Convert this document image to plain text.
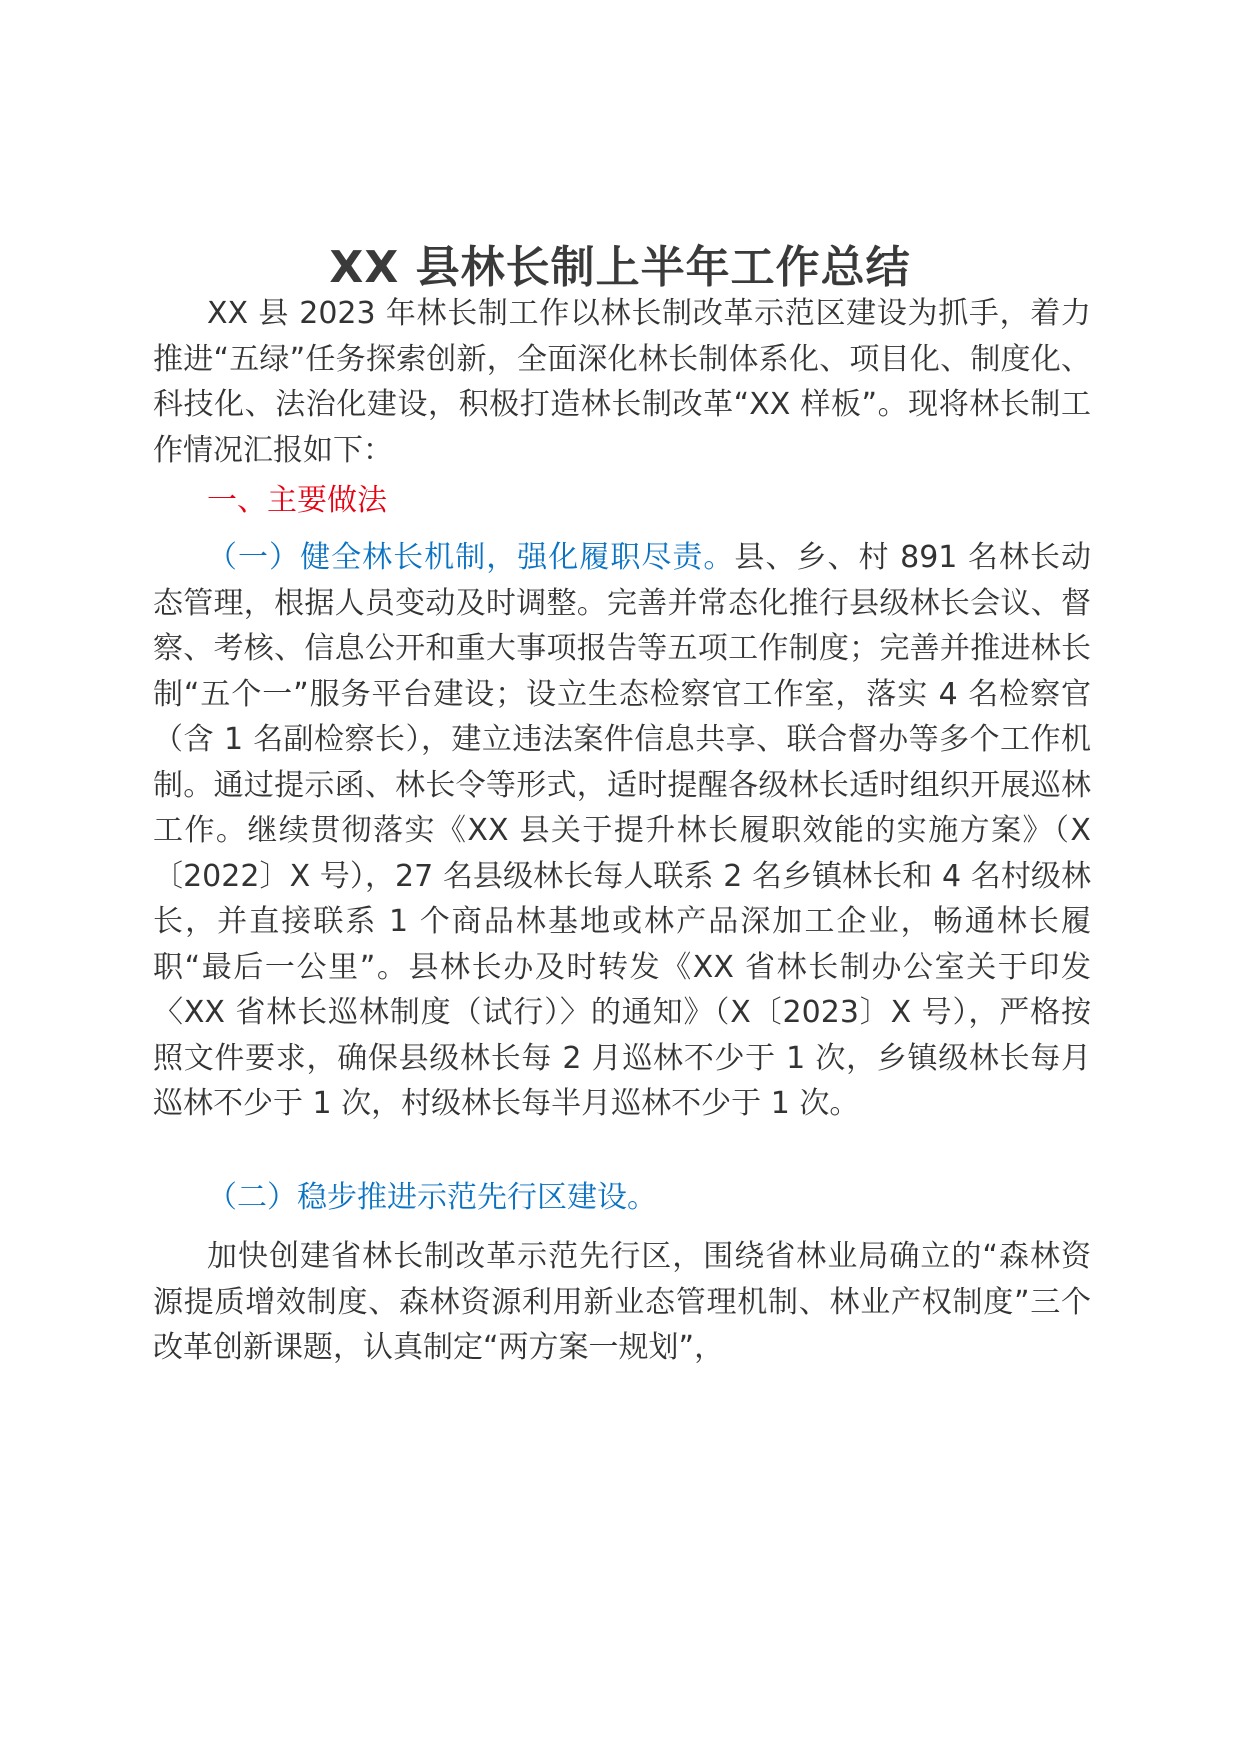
XX 县林长制上半年工作总结

XX 县 2023 年林长制工作以林长制改革示范区建设为抓手，着力推进“五绿”任务探索创新，全面深化林长制体系化、项目化、制度化、科技化、法治化建设，积极打造林长制改革“XX 样板”。现将林长制工作情况汇报如下：

一、主要做法

（一）健全林长机制，强化履职尽责。县、乡、村 891 名林长动态管理，根据人员变动及时调整。完善并常态化推行县级林长会议、督察、考核、信息公开和重大事项报告等五项工作制度；完善并推进林长制“五个一”服务平台建设；设立生态检察官工作室，落实 4 名检察官（含 1 名副检察长），建立违法案件信息共享、联合督办等多个工作机制。通过提示函、林长令等形式，适时提醒各级林长适时组织开展巡林工作。继续贯彻落实《XX 县关于提升林长履职效能的实施方案》（X〔2022〕X 号），27 名县级林长每人联系 2 名乡镇林长和 4 名村级林长，并直接联系 1 个商品林基地或林产品深加工企业，畅通林长履职“最后一公里”。县林长办及时转发《XX 省林长制办公室关于印发〈XX 省林长巡林制度（试行）〉的通知》（X〔2023〕X 号），严格按照文件要求，确保县级林长每 2 月巡林不少于 1 次，乡镇级林长每月巡林不少于 1 次，村级林长每半月巡林不少于 1 次。

（二）稳步推进示范先行区建设。

加快创建省林长制改革示范先行区，围绕省林业局确立的“森林资源提质增效制度、森林资源利用新业态管理机制、林业产权制度”三个改革创新课题，认真制定“两方案一规划”，
